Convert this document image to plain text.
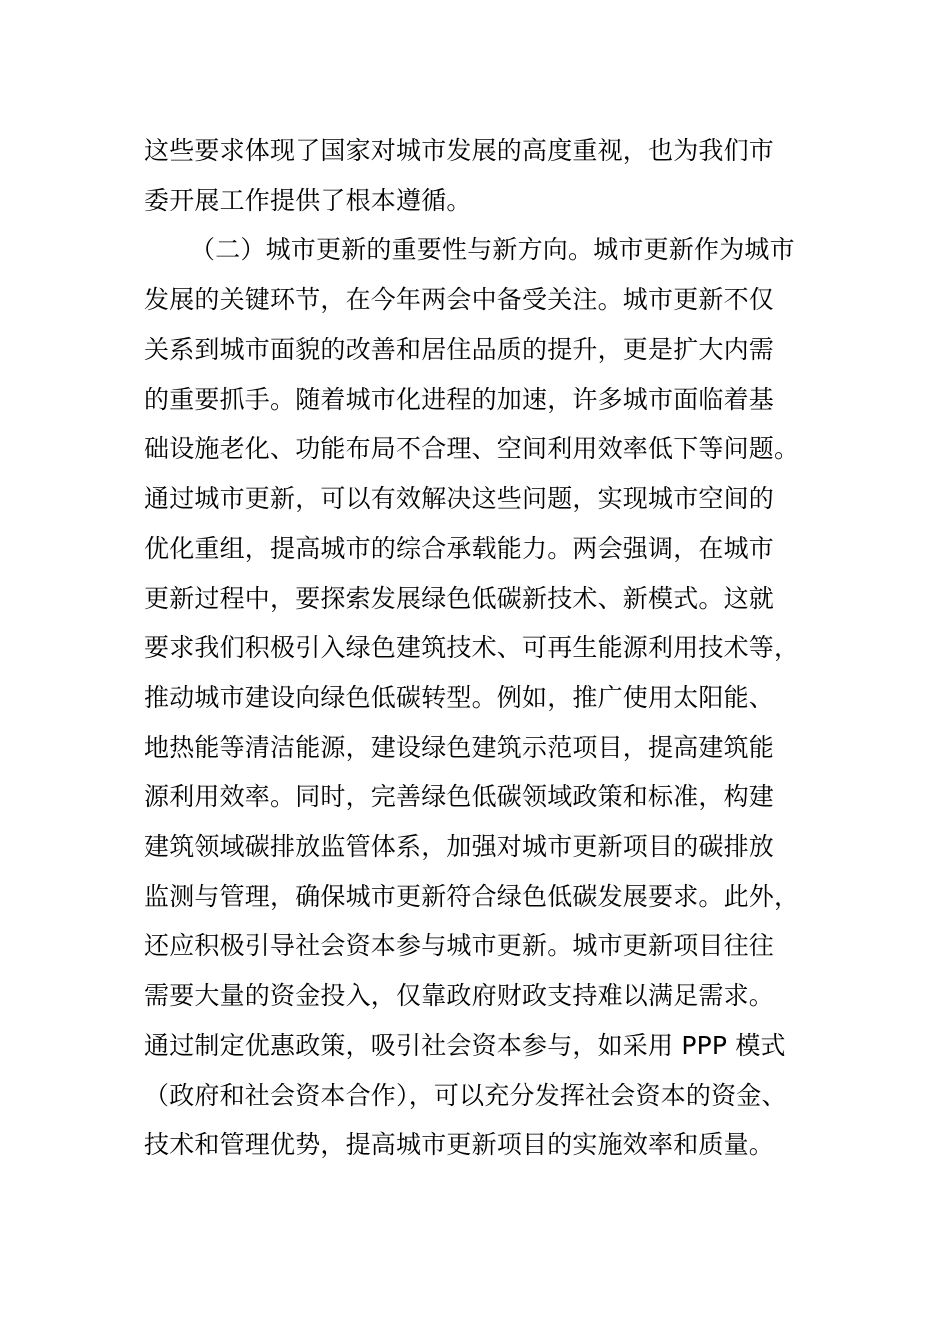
这些要求体现了国家对城市发展的高度重视，也为我们市
委开展工作提供了根本遵循。
（二）城市更新的重要性与新方向。城市更新作为城市
发展的关键环节，在今年两会中备受关注。城市更新不仅
关系到城市面貌的改善和居住品质的提升，更是扩大内需
的重要抓手。随着城市化进程的加速，许多城市面临着基
础设施老化、功能布局不合理、空间利用效率低下等问题。
通过城市更新，可以有效解决这些问题，实现城市空间的
优化重组，提高城市的综合承载能力。两会强调，在城市
更新过程中，要探索发展绿色低碳新技术、新模式。这就
要求我们积极引入绿色建筑技术、可再生能源利用技术等，
推动城市建设向绿色低碳转型。例如，推广使用太阳能、
地热能等清洁能源，建设绿色建筑示范项目，提高建筑能
源利用效率。同时，完善绿色低碳领域政策和标准，构建
建筑领域碳排放监管体系，加强对城市更新项目的碳排放
监测与管理，确保城市更新符合绿色低碳发展要求。此外，
还应积极引导社会资本参与城市更新。城市更新项目往往
需要大量的资金投入，仅靠政府财政支持难以满足需求。
通过制定优惠政策，吸引社会资本参与，如采用 PPP 模式
（政府和社会资本合作），可以充分发挥社会资本的资金、
技术和管理优势，提高城市更新项目的实施效率和质量。
